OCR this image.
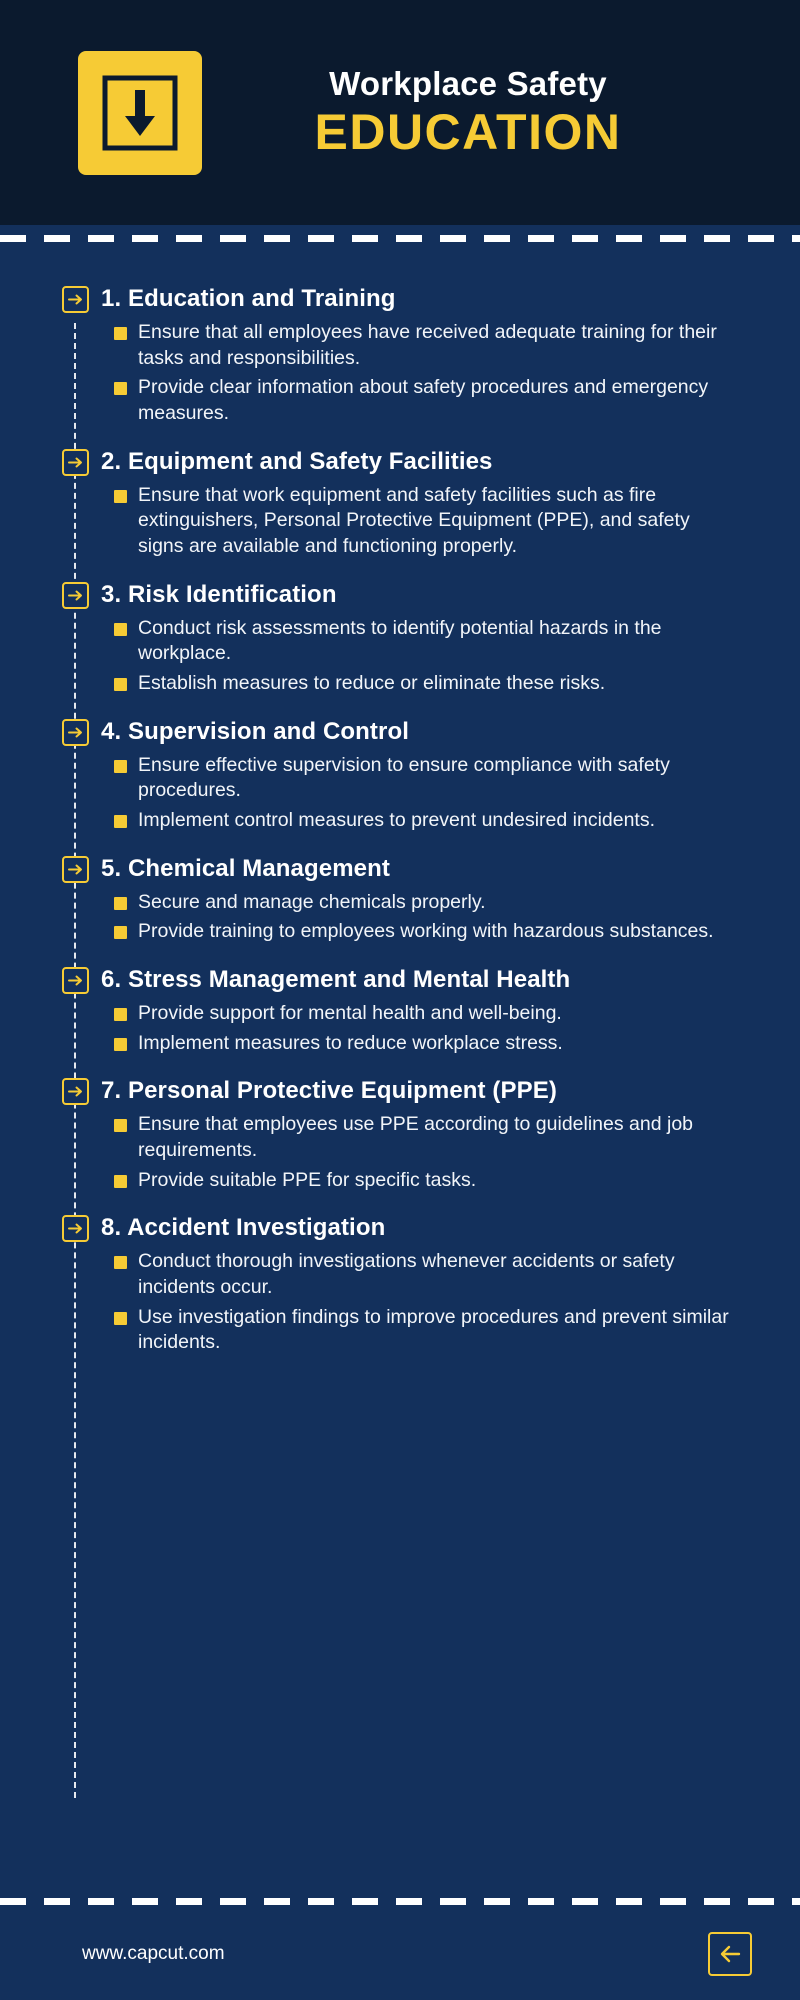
Workplace Safety
EDUCATION
1. Education and Training
Ensure that all employees have received adequate training for their tasks and responsibilities.
Provide clear information about safety procedures and emergency measures.
2. Equipment and Safety Facilities
Ensure that work equipment and safety facilities such as fire extinguishers, Personal Protective Equipment (PPE), and safety signs are available and functioning properly.
3. Risk Identification
Conduct risk assessments to identify potential hazards in the workplace.
Establish measures to reduce or eliminate these risks.
4. Supervision and Control
Ensure effective supervision to ensure compliance with safety procedures.
Implement control measures to prevent undesired incidents.
5. Chemical Management
Secure and manage chemicals properly.
Provide training to employees working with hazardous substances.
6. Stress Management and Mental Health
Provide support for mental health and well-being.
Implement measures to reduce workplace stress.
7. Personal Protective Equipment (PPE)
Ensure that employees use PPE according to guidelines and job requirements.
Provide suitable PPE for specific tasks.
8. Accident Investigation
Conduct thorough investigations whenever accidents or safety incidents occur.
Use investigation findings to improve procedures and prevent similar incidents.
www.capcut.com
